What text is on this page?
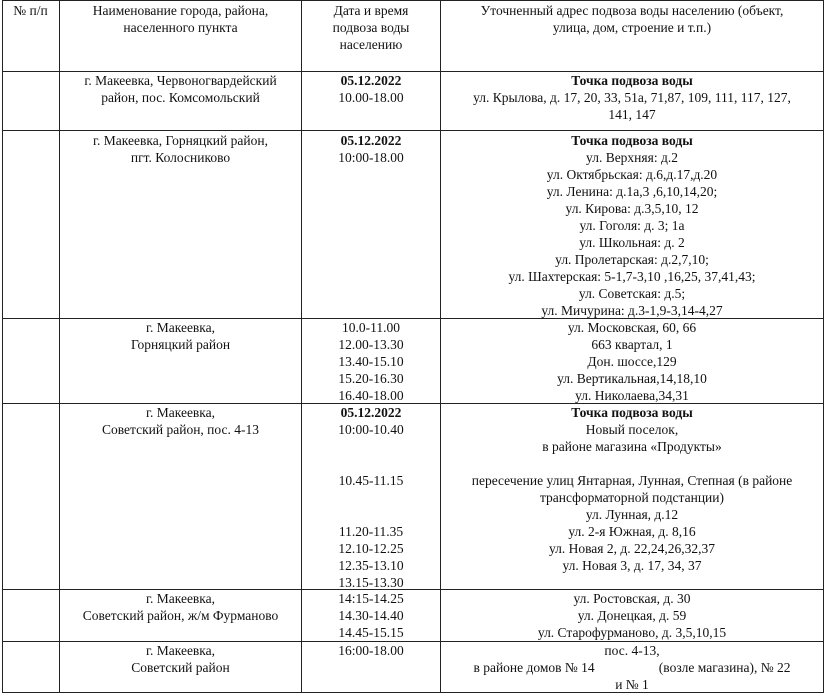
№ п/п	Наименование города, района,
населенного пункта
Дата и время
подвоза воды
населению
Уточненный адрес подвоза воды населению (объект,
улица, дом, строение и т.п.)
г. Макеевка, Червоногвардейский
район, пос. Комсомольский
05.12.2022
10.00-18.00
Точка подвоза воды
ул. Крылова, д. 17, 20, 33, 51а, 71,87, 109, 111, 117, 127,
141, 147
г. Макеевка, Горняцкий район,
пгт. Колосниково
05.12.2022
10:00-18.00
Точка подвоза воды
ул. Верхняя: д.2
ул. Октябрьская: д.6,д.17,д.20
ул. Ленина: д.1а,3 ,6,10,14,20;
ул. Кирова: д.3,5,10, 12
ул. Гоголя: д. 3; 1а
ул. Школьная: д. 2
ул. Пролетарская: д.2,7,10;
ул. Шахтерская: 5-1,7-3,10 ,16,25, 37,41,43;
ул. Советская: д.5;
ул. Мичурина: д.3-1,9-3,14-4,27
г. Макеевка,
Горняцкий район
10.0-11.00
12.00-13.30
13.40-15.10
15.20-16.30
16.40-18.00
ул. Московская, 60, 66
663 квартал, 1
Дон. шоссе,129
ул. Вертикальная,14,18,10
ул. Николаева,34,31
г. Макеевка,
Советский район, пос. 4-13
05.12.2022
10:00-10.40
10.45-11.15
11.20-11.35
12.10-12.25
12.35-13.10
13.15-13.30
Точка подвоза воды
Новый поселок,
в районе магазина «Продукты»
пересечение улиц Янтарная, Лунная, Степная (в районе
трансформаторной подстанции)
ул. Лунная, д.12
ул. 2-я Южная, д. 8,16
ул. Новая 2, д. 22,24,26,32,37
ул. Новая 3, д. 17, 34, 37
г. Макеевка,
Советский район, ж/м Фурманово
14:15-14.25
14.30-14.40
14.45-15.15
ул. Ростовская, д. 30
ул. Донецкая, д. 59
ул. Старофурманово, д. 3,5,10,15
г. Макеевка,
Советский район
16:00-18.00	пос. 4-13,
в районе домов № 14                   (возле магазина), № 22
и № 1
